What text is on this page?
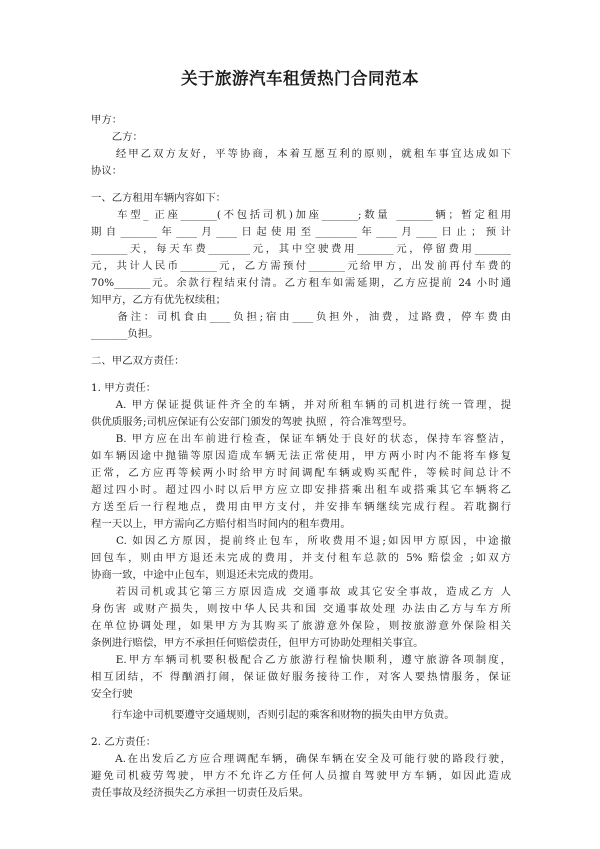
关于旅游汽车租赁热门合同范本
甲方：
　　乙方：
　　经甲乙双方友好，平等协商，本着互愿互利的原则，就租车事宜达成如下
协议：
一、乙方租用车辆内容如下：
　　车型_ 正座_______(不包括司机)加座_______;数量 _______辆；暂定租用
期自_______年____月____日起使用至________年____月____日止；预计
_______天，每天车费________元，其中空驶费用_______元，停留费用_______
元，共计人民币_______元，乙方需预付_______元给甲方，出发前再付车费的
70%_______元。余款行程结束付清。乙方租车如需延期，乙方应提前 24 小时通
知甲方，乙方有优先权续租；
　　备注：司机食由____负担;宿由____负担外，油费，过路费，停车费由
_______负担。
二、甲乙双方责任：
1. 甲方责任：
　　A. 甲方保证提供证件齐全的车辆，并对所租车辆的司机进行统一管理，提
供优质服务;司机应保证有公安部门颁发的驾驶 执照 ，符合准驾型号。
　　B. 甲方应在出车前进行检查，保证车辆处于良好的状态，保持车容整洁，
如车辆因途中抛锚等原因造成车辆无法正常使用，甲方两小时内不能将车修复
正常，乙方应再等候两小时给甲方时间调配车辆或购买配件，等候时间总计不
超过四小时。超过四小时以后甲方应立即安排搭乘出租车或搭乘其它车辆将乙
方送至后一行程地点，费用由甲方支付，并安排车辆继续完成行程。若耽搁行
程一天以上，甲方需向乙方赔付相当时间内的租车费用。
　　C. 如因乙方原因，提前终止包车，所收费用不退;如因甲方原因，中途撤
回包车，则由甲方退还未完成的费用，并支付租车总款的 5% 赔偿金 ;如双方
协商一致，中途中止包车，则退还未完成的费用。
　　若因司机或其它第三方原因造成 交通事故 或其它安全事故，造成乙方 人
身伤害 或财产损失，则按中华人民共和国 交通事故处理 办法由乙方与车方所
在单位协调处理，如果甲方为其购买了旅游意外保险，则按旅游意外保险相关
条例进行赔偿，甲方不承担任何赔偿责任，但甲方可协助处理相关事宜。
　　E.甲方车辆司机要积极配合乙方旅游行程愉快顺利，遵守旅游各项制度，
相互团结，不 得酗酒打闹，保证做好服务接待工作，对客人要热情服务，保证
安全行驶
　　行车途中司机要遵守交通规则，否则引起的乘客和财物的损失由甲方负责。
2. 乙方责任：
　　A.在出发后乙方应合理调配车辆，确保车辆在安全及可能行驶的路段行驶，
避免司机疲劳驾驶，甲方不允许乙方任何人员擅自驾驶甲方车辆，如因此造成
责任事故及经济损失乙方承担一切责任及后果。
